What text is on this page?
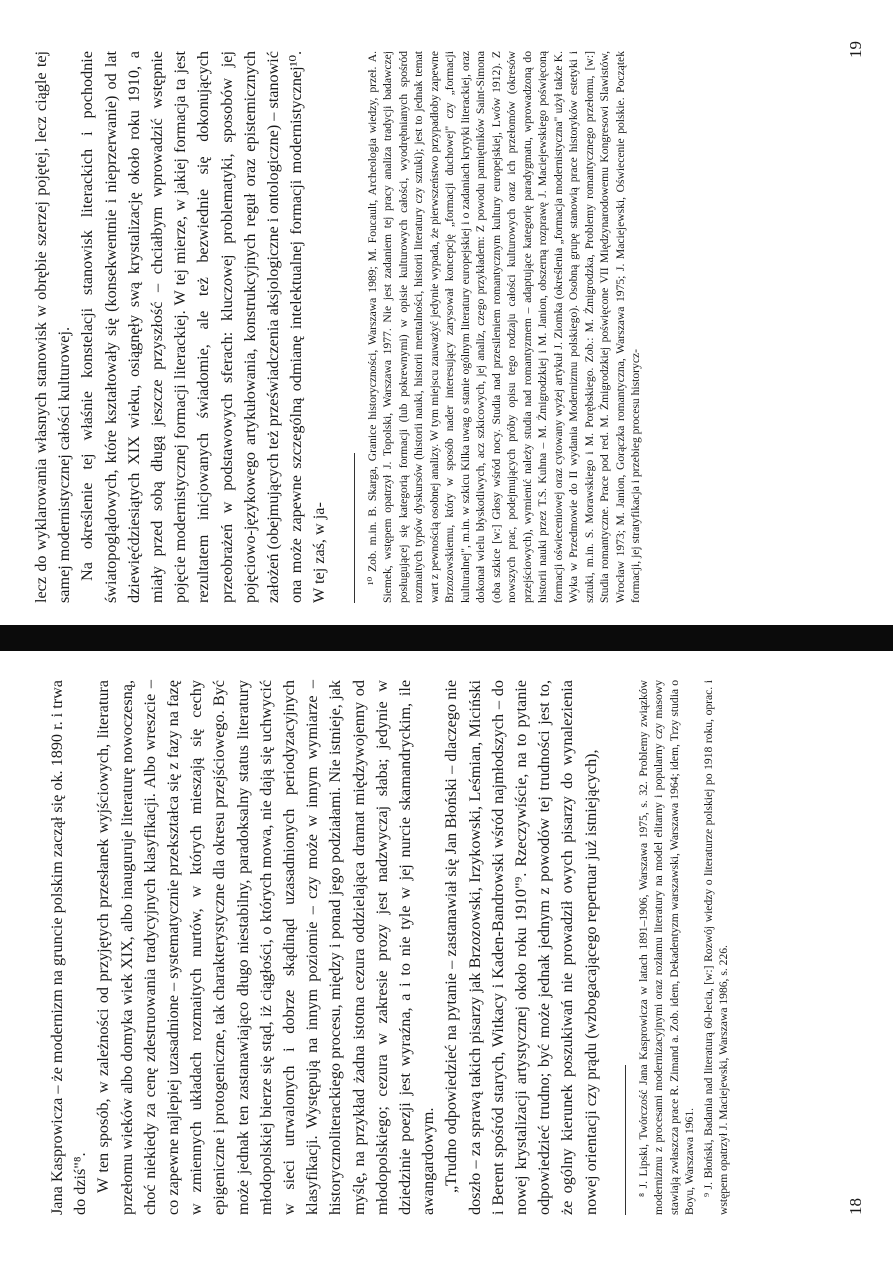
Jana Kasprowicza – że modernizm na gruncie polskim zaczął się ok. 1890 r. i trwa do dziś"⁸. W ten sposób, w zależności od przyjętych przesłanek wyjściowych, literatura przełomu wieków albo domyka wiek XIX, albo inauguruje literaturę nowoczesną, choć niekiedy za cenę zdestruowania tradycyjnych klasyfikacji. Albo wreszcie – co zapewne najlepiej uzasadnione – systematycznie przekształca się z fazy na fazę w zmiennych układach rozmaitych nurtów, w których mieszają się cechy epigeniczne i protogeniczne, tak charakterystyczne dla okresu przejściowego. Być może jednak ten zastanawiająco długo niestabilny, paradoksalny status literatury młodopolskiej bierze się stąd, iż ciągłości, o których mowa, nie dają się uchwycić w sieci utrwalonych i dobrze skądinąd uzasadnionych periodyzacyjnych klasyfikacji. Występują na innym poziomie – czy może w innym wymiarze – historycznoliterackiego procesu, między i ponad jego podziałami. Nie istnieje, jak myślę, na przykład żadna istotna cezura oddzielająca dramat międzywojenny od młodopolskiego; cezura w zakresie prozy jest nadzwyczaj słaba; jedynie w dziedzinie poezji jest wyraźna, a i to nie tyle w jej nurcie skamandryckim, ile awangardowym. „Trudno odpowiedzieć na pytanie – zastanawiał się Jan Błoński – dlaczego nie doszło – za sprawą takich pisarzy jak Brzozowski, Irzykowski, Leśmian, Miciński i Berent spośród starych, Witkacy i Kaden-Bandrowski wśród najmłodszych – do nowej krystalizacji artystycznej około roku 1910"⁹. Rzeczywiście, na to pytanie odpowiedzieć trudno; być może jednak jednym z powodów tej trudności jest to, że ogólny kierunek poszukiwań nie prowadził owych pisarzy do wynalezienia nowej orientacji czy prądu (wzbogacającego repertuar już istniejących),	⁸ J. Lipski, Twórczość Jana Kasprowicza w latach 1891–1906, Warszawa 1975, s. 32. Problemy związków modernizmu z procesami modernizacyjnymi oraz rozłamu literatury na model elitarny i popularny czy masowy stawiają zwłaszcza prace R. Zimand a. Zob. idem, Dekadentyzm warszawski, Warszawa 1964; idem, Trzy studia o Boyu, Warszawa 1961. ⁹ J. Błoński, Badania nad literaturą 60-lecia, [w:] Rozwój wiedzy o literaturze polskiej po 1918 roku, oprac. i wstępem opatrzył J. Maciejewski, Warszawa 1986, s. 226.

lecz do wyklarowania własnych stanowisk w obrębie szerzej pojętej, lecz ciągle tej samej modernistycznej całości kulturowej. Na określenie tej właśnie konstelacji stanowisk literackich i pochodnie światopoglądowych, które kształtowały się (konsekwentnie i nieprzerwanie) od lat dziewięćdziesiątych XIX wieku, osiągnęły swą krystalizację około roku 1910, a miały przed sobą długą jeszcze przyszłość – chciałbym wprowadzić wstępnie pojęcie modernistycznej formacji literackiej. W tej mierze, w jakiej formacja ta jest rezultatem inicjowanych świadomie, ale też bezwiednie się dokonujących przeobrażeń w podstawowych sferach: kluczowej problematyki, sposobów jej pojęciowo-językowego artykułowania, konstrukcyjnych reguł oraz epistemicznych założeń (obejmujących też przeświadczenia aksjologiczne i ontologiczne) – stanowić ona może zapewne szczególną odmianę intelektualnej formacji modernistycznej¹⁰. W tej zaś, w ja-	¹⁰ Zob. m.in. B. Skarga, Granice historyczności, Warszawa 1989; M. Foucault, Archeologia wiedzy, przeł. A. Siemek, wstępem opatrzył J. Topolski, Warszawa 1977. Nie jest zadaniem tej pracy analiza tradycji badawczej posługującej się kategorią formacji (lub pokrewnymi) w opisie kulturowych całości, wyodrębnianych spośród rozmaitych typów dyskursów (historii nauki, historii mentalności, historii literatury czy sztuki); jest to jednak temat wart z pewnością osobnej analizy. W tym miejscu zauważyć jedynie wypada, że pierwszeństwo przypadłoby zapewne Brzozowskiemu, który w sposób nader interesujący zarysował koncepcję „formacji duchowej" czy „formacji kulturalnej", m.in. w szkicu Kilka uwag o stanie ogólnym literatury europejskiej i o zadaniach krytyki literackiej, oraz dokonał wielu błyskotliwych, acz szkicowych, jej analiz, czego przykładem: Z powodu pamiętników Saint-Simona (oba szkice [w:] Głosy wśród nocy. Studia nad przesileniem romantycznym kultury europejskiej, Lwów 1912). Z nowszych prac, podejmujących próby opisu tego rodzaju całości kulturowych oraz ich przełomów (okresów przejściowych), wymienić należy studia nad romantyzmem – adaptujące kategorię paradygmatu, wprowadzoną do historii nauki przez T.S. Kuhna – M. Żmigrodzkiej i M. Janion, obszerną rozprawę J. Maciejewskiego poświęconą formacji oświeceniowej oraz cytowany wyżej artykuł J. Ziomka (określenia „formacja modernistyczna" użył także K. Wyka w Przedmowie do II wydania Modernizmu polskiego). Osobną grupę stanowią prace historyków estetyki i sztuki, m.in. S. Morawskiego i M. Porębskiego. Zob.: M. Żmigrodzka, Problemy romantycznego przełomu, [w:] Studia romantyczne. Prace pod red. M. Żmigrodzkiej poświęcone VII Międzynarodowemu Kongresowi Slawistów, Wrocław 1973; M. Janion, Gorączka romantyczna, Warszawa 1975; J. Maciejewski, Oświecenie polskie. Początek formacji, jej stratyfikacja i przebieg procesu historycz-

18
19
